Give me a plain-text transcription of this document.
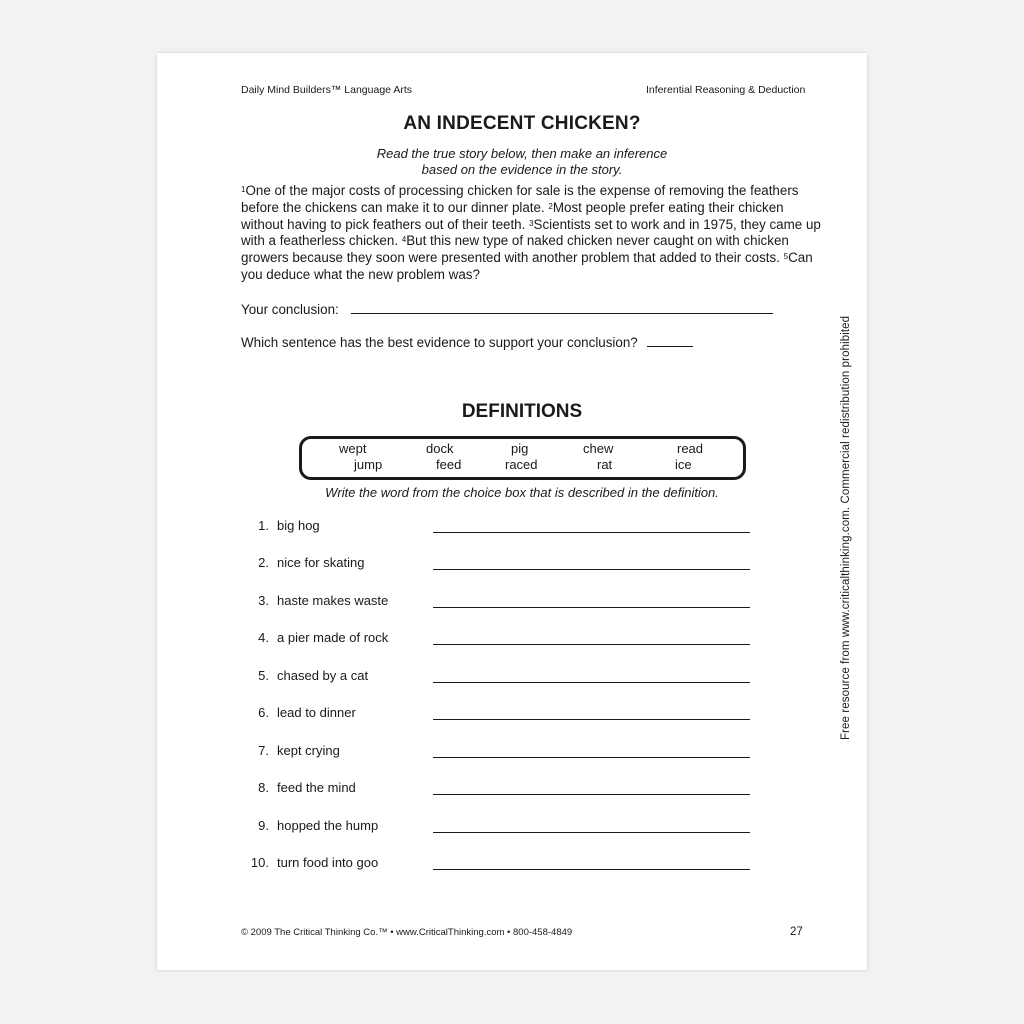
Daily Mind Builders™ Language Arts	Inferential Reasoning & Deduction
AN INDECENT CHICKEN?
Read the true story below, then make an inference
based on the evidence in the story.
$^1$One of the major costs of processing chicken for sale is the expense of removing the feathers before the chickens can make it to our dinner plate. $^2$Most people prefer eating their chicken without having to pick feathers out of their teeth. $^3$Scientists set to work and in 1975, they came up with a featherless chicken. $^4$But this new type of naked chicken never caught on with chicken growers because they soon were presented with another problem that added to their costs. $^5$Can you deduce what the new problem was?
Your conclusion:
Which sentence has the best evidence to support your conclusion?
DEFINITIONS
wept	dock	pig	chew	read
jump	feed	raced	rat	ice
Write the word from the choice box that is described in the definition.
1. big hog
2. nice for skating
3. haste makes waste
4. a pier made of rock
5. chased by a cat
6. lead to dinner
7. kept crying
8. feed the mind
9. hopped the hump
10. turn food into goo
© 2009 The Critical Thinking Co.™ • www.CriticalThinking.com • 800-458-4849	27
Free resource from www.criticalthinking.com. Commercial redistribution prohibited
